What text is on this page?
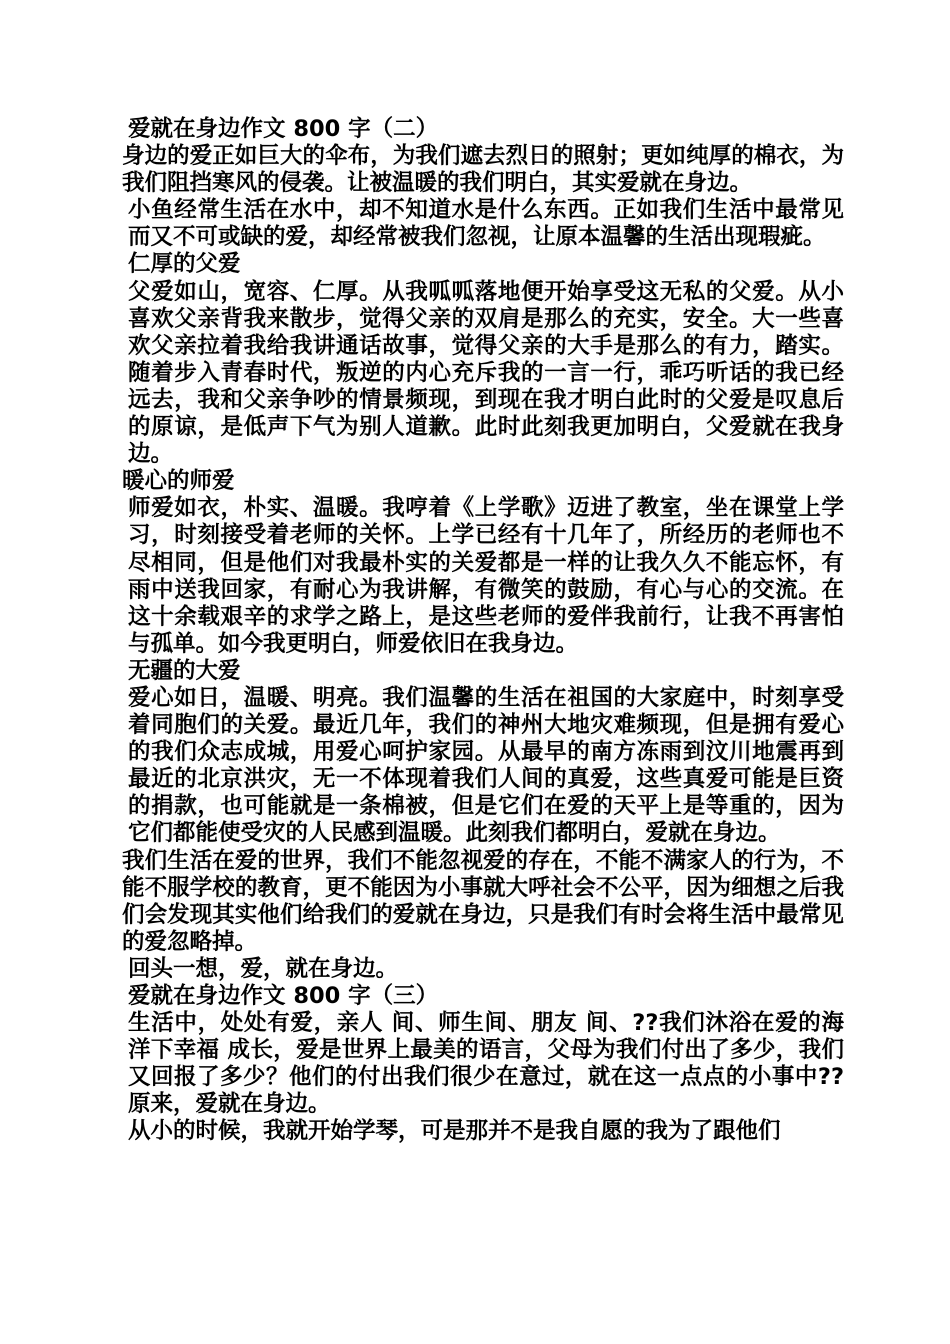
爱就在身边作文 800 字（二）

身边的爱正如巨大的伞布，为我们遮去烈日的照射；更如纯厚的棉衣，为我们阻挡寒风的侵袭。让被温暖的我们明白，其实爱就在身边。

小鱼经常生活在水中，却不知道水是什么东西。正如我们生活中最常见而又不可或缺的爱，却经常被我们忽视，让原本温馨的生活出现瑕疵。

仁厚的父爱

父爱如山，宽容、仁厚。从我呱呱落地便开始享受这无私的父爱。从小喜欢父亲背我来散步，觉得父亲的双肩是那么的充实，安全。大一些喜欢父亲拉着我给我讲通话故事，觉得父亲的大手是那么的有力，踏实。随着步入青春时代，叛逆的内心充斥我的一言一行，乖巧听话的我已经远去，我和父亲争吵的情景频现，到现在我才明白此时的父爱是叹息后的原谅，是低声下气为别人道歉。此时此刻我更加明白，父爱就在我身边。

暖心的师爱

师爱如衣，朴实、温暖。我哼着《上学歌》迈进了教室，坐在课堂上学习，时刻接受着老师的关怀。上学已经有十几年了，所经历的老师也不尽相同，但是他们对我最朴实的关爱都是一样的让我久久不能忘怀，有雨中送我回家，有耐心为我讲解，有微笑的鼓励，有心与心的交流。在这十余载艰辛的求学之路上，是这些老师的爱伴我前行，让我不再害怕与孤单。如今我更明白，师爱依旧在我身边。

无疆的大爱

爱心如日，温暖、明亮。我们温馨的生活在祖国的大家庭中，时刻享受着同胞们的关爱。最近几年，我们的神州大地灾难频现，但是拥有爱心的我们众志成城，用爱心呵护家园。从最早的南方冻雨到汶川地震再到最近的北京洪灾，无一不体现着我们人间的真爱，这些真爱可能是巨资的捐款，也可能就是一条棉被，但是它们在爱的天平上是等重的，因为它们都能使受灾的人民感到温暖。此刻我们都明白，爱就在身边。

我们生活在爱的世界，我们不能忽视爱的存在，不能不满家人的行为，不能不服学校的教育，更不能因为小事就大呼社会不公平，因为细想之后我们会发现其实他们给我们的爱就在身边，只是我们有时会将生活中最常见的爱忽略掉。

回头一想，爱，就在身边。

爱就在身边作文 800 字（三）

生活中，处处有爱，亲人 间、师生间、朋友 间、??我们沐浴在爱的海洋下幸福 成长，爱是世界上最美的语言，父母为我们付出了多少，我们又回报了多少？他们的付出我们很少在意过，就在这一点点的小事中??原来，爱就在身边。

从小的时候，我就开始学琴，可是那并不是我自愿的我为了跟他们
